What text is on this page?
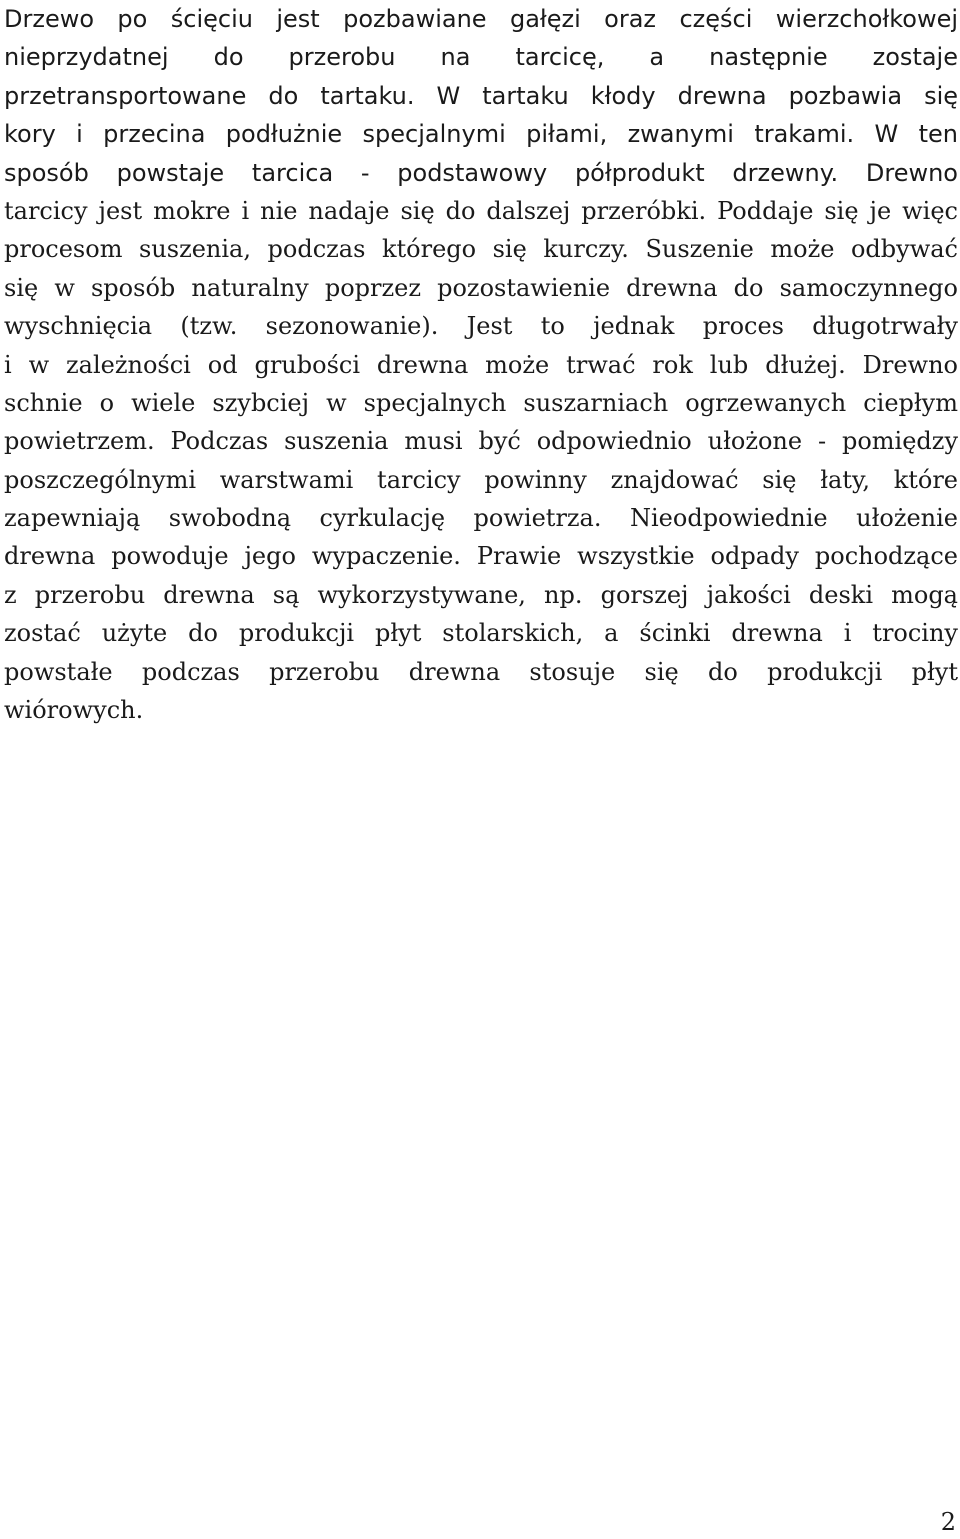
Drzewo po ścięciu jest pozbawiane gałęzi oraz części wierzchołkowej
nieprzydatnej do przerobu na tarcicę, a następnie zostaje
przetransportowane do tartaku. W tartaku kłody drewna pozbawia się
kory i przecina podłużnie specjalnymi piłami, zwanymi trakami. W ten
sposób powstaje tarcica - podstawowy półprodukt drzewny. Drewno
tarcicy jest mokre i nie nadaje się do dalszej przeróbki. Poddaje się je więc
procesom suszenia, podczas którego się kurczy. Suszenie może odbywać
się w sposób naturalny poprzez pozostawienie drewna do samoczynnego
wyschnięcia (tzw. sezonowanie). Jest to jednak proces długotrwały
i w zależności od grubości drewna może trwać rok lub dłużej. Drewno
schnie o wiele szybciej w specjalnych suszarniach ogrzewanych ciepłym
powietrzem. Podczas suszenia musi być odpowiednio ułożone - pomiędzy
poszczególnymi warstwami tarcicy powinny znajdować się łaty, które
zapewniają swobodną cyrkulację powietrza. Nieodpowiednie ułożenie
drewna powoduje jego wypaczenie. Prawie wszystkie odpady pochodzące
z przerobu drewna są wykorzystywane, np. gorszej jakości deski mogą
zostać użyte do produkcji płyt stolarskich, a ścinki drewna i trociny
powstałe podczas przerobu drewna stosuje się do produkcji płyt
wiórowych.
2
